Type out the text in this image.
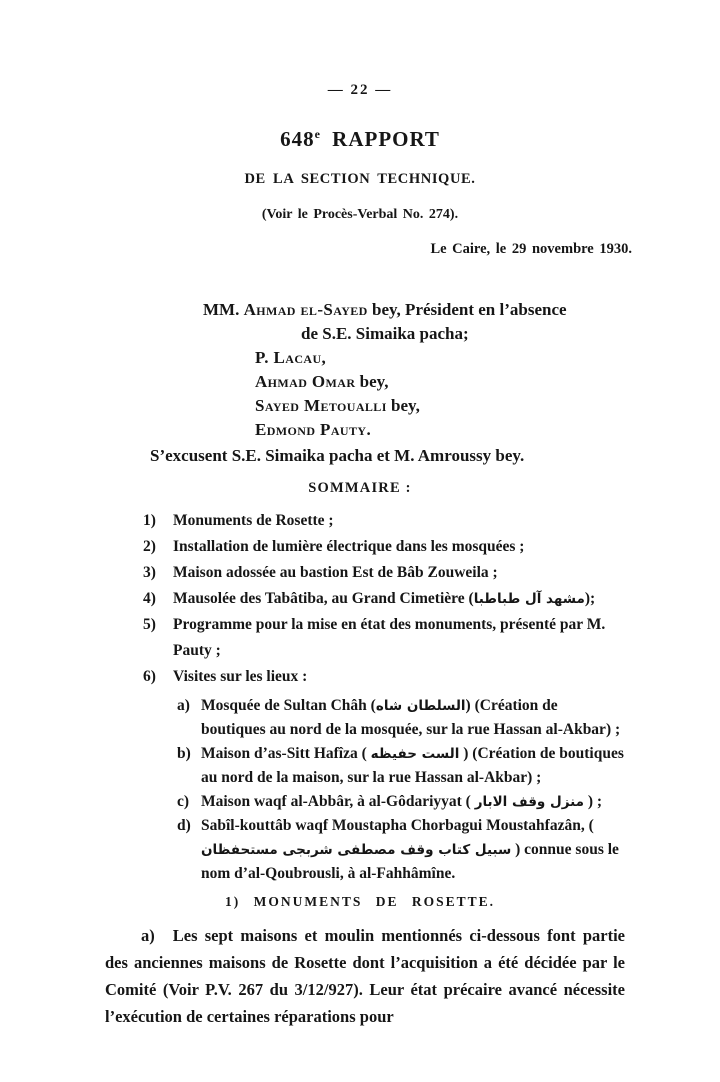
— 22 —
648e RAPPORT
DE LA SECTION TECHNIQUE.
(Voir le Procès-Verbal No. 274).
Le Caire, le 29 novembre 1930.
MM. Ahmad el-Sayed bey, Président en l’absence
de S.E. Simaika pacha;
P. Lacau,
Ahmad Omar bey,
Sayed Metoualli bey,
Edmond Pauty.
S’excusent S.E. Simaika pacha et M. Amroussy bey.
SOMMAIRE :
1)	Monuments de Rosette ;
2)	Installation de lumière électrique dans les mosquées ;
3)	Maison adossée au bastion Est de Bâb Zouweila ;
4)	Mausolée des Tabâtiba, au Grand Cimetière (مشهد آل طباطبا);
5)	Programme pour la mise en état des monuments, présenté par M. Pauty ;
6)	Visites sur les lieux :
a) Mosquée de Sultan Châh (السلطان شاه) (Création de boutiques au nord de la mosquée, sur la rue Hassan al-Akbar) ;
b) Maison d’as-Sitt Hafîza ( الست حفيظه ) (Création de boutiques au nord de la maison, sur la rue Hassan al-Akbar) ;
c) Maison waqf al-Abbâr, à al-Gôdariyyat ( منزل وقف الابار ) ;
d) Sabîl-kouttâb waqf Moustapha Chorbagui Moustahfazân, ( سبيل كتاب وقف مصطفى شربجى مستحفظان ) connue sous le nom d’al-Qoubrousli, à al-Fahhâmîne.
1) MONUMENTS DE ROSETTE.
a) Les sept maisons et moulin mentionnés ci-dessous font partie des anciennes maisons de Rosette dont l’acquisition a été décidée par le Comité (Voir P.V. 267 du 3/12/927). Leur état précaire avancé nécessite l’exécution de certaines réparations pour
